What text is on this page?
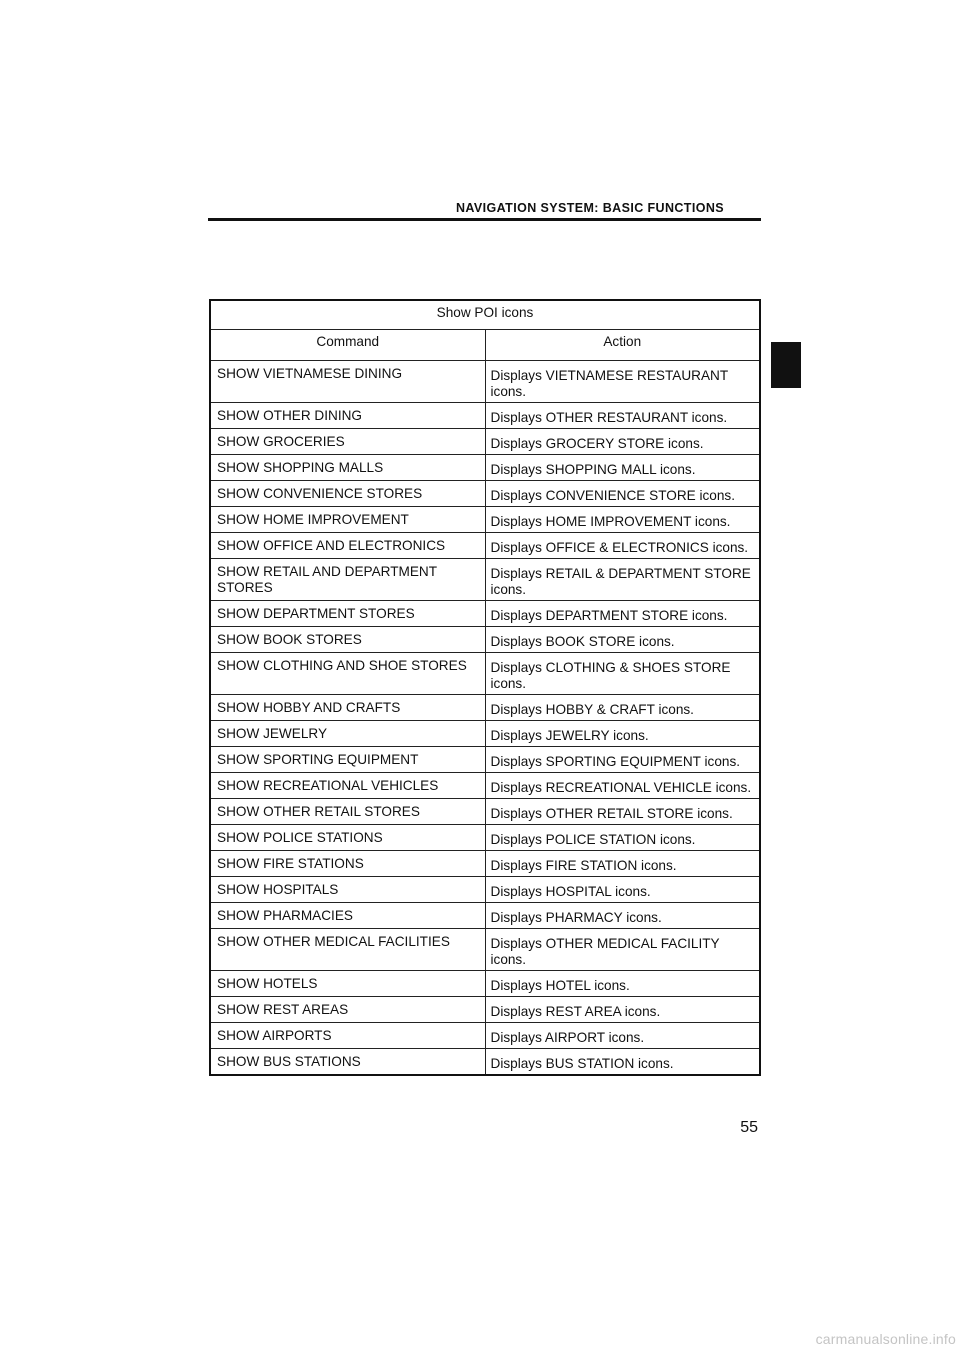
NAVIGATION SYSTEM: BASIC FUNCTIONS
Show POI icons	
Command	Action
SHOW VIETNAMESE DINING	Displays VIETNAMESE RESTAURANT icons.
SHOW OTHER DINING	Displays OTHER RESTAURANT icons.
SHOW GROCERIES	Displays GROCERY STORE icons.
SHOW SHOPPING MALLS	Displays SHOPPING MALL icons.
SHOW CONVENIENCE STORES	Displays CONVENIENCE STORE icons.
SHOW HOME IMPROVEMENT	Displays HOME IMPROVEMENT icons.
SHOW OFFICE AND ELECTRONICS	Displays OFFICE & ELECTRONICS icons.
SHOW RETAIL AND DEPARTMENT STORES	Displays RETAIL & DEPARTMENT STORE icons.
SHOW DEPARTMENT STORES	Displays DEPARTMENT STORE icons.
SHOW BOOK STORES	Displays BOOK STORE icons.
SHOW CLOTHING AND SHOE STORES	Displays CLOTHING & SHOES STORE icons.
SHOW HOBBY AND CRAFTS	Displays HOBBY & CRAFT icons.
SHOW JEWELRY	Displays JEWELRY icons.
SHOW SPORTING EQUIPMENT	Displays SPORTING EQUIPMENT icons.
SHOW RECREATIONAL VEHICLES	Displays RECREATIONAL VEHICLE icons.
SHOW OTHER RETAIL STORES	Displays OTHER RETAIL STORE icons.
SHOW POLICE STATIONS	Displays POLICE STATION icons.
SHOW FIRE STATIONS	Displays FIRE STATION icons.
SHOW HOSPITALS	Displays HOSPITAL icons.
SHOW PHARMACIES	Displays PHARMACY icons.
SHOW OTHER MEDICAL FACILITIES	Displays OTHER MEDICAL FACILITY icons.
SHOW HOTELS	Displays HOTEL icons.
SHOW REST AREAS	Displays REST AREA icons.
SHOW AIRPORTS	Displays AIRPORT icons.
SHOW BUS STATIONS	Displays BUS STATION icons.
55
carmanualsonline.info
